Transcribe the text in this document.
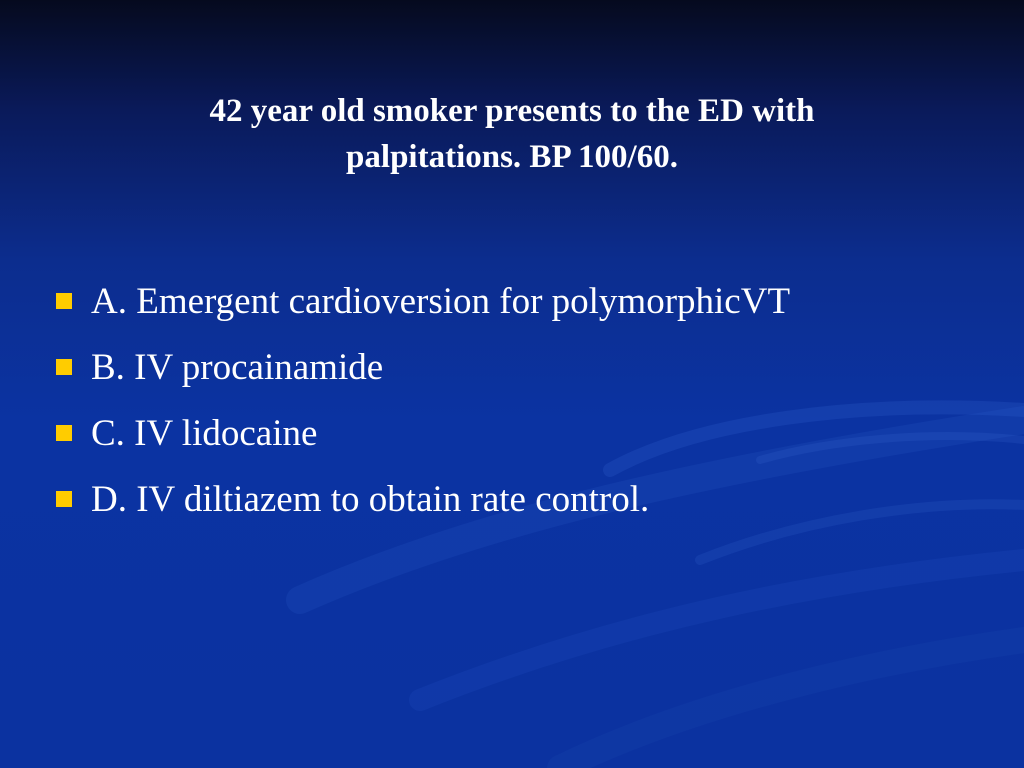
42 year old smoker presents to the ED with
palpitations. BP 100/60.
A. Emergent cardioversion for polymorphicVT
B. IV procainamide
C. IV lidocaine
D. IV diltiazem to obtain rate control.
